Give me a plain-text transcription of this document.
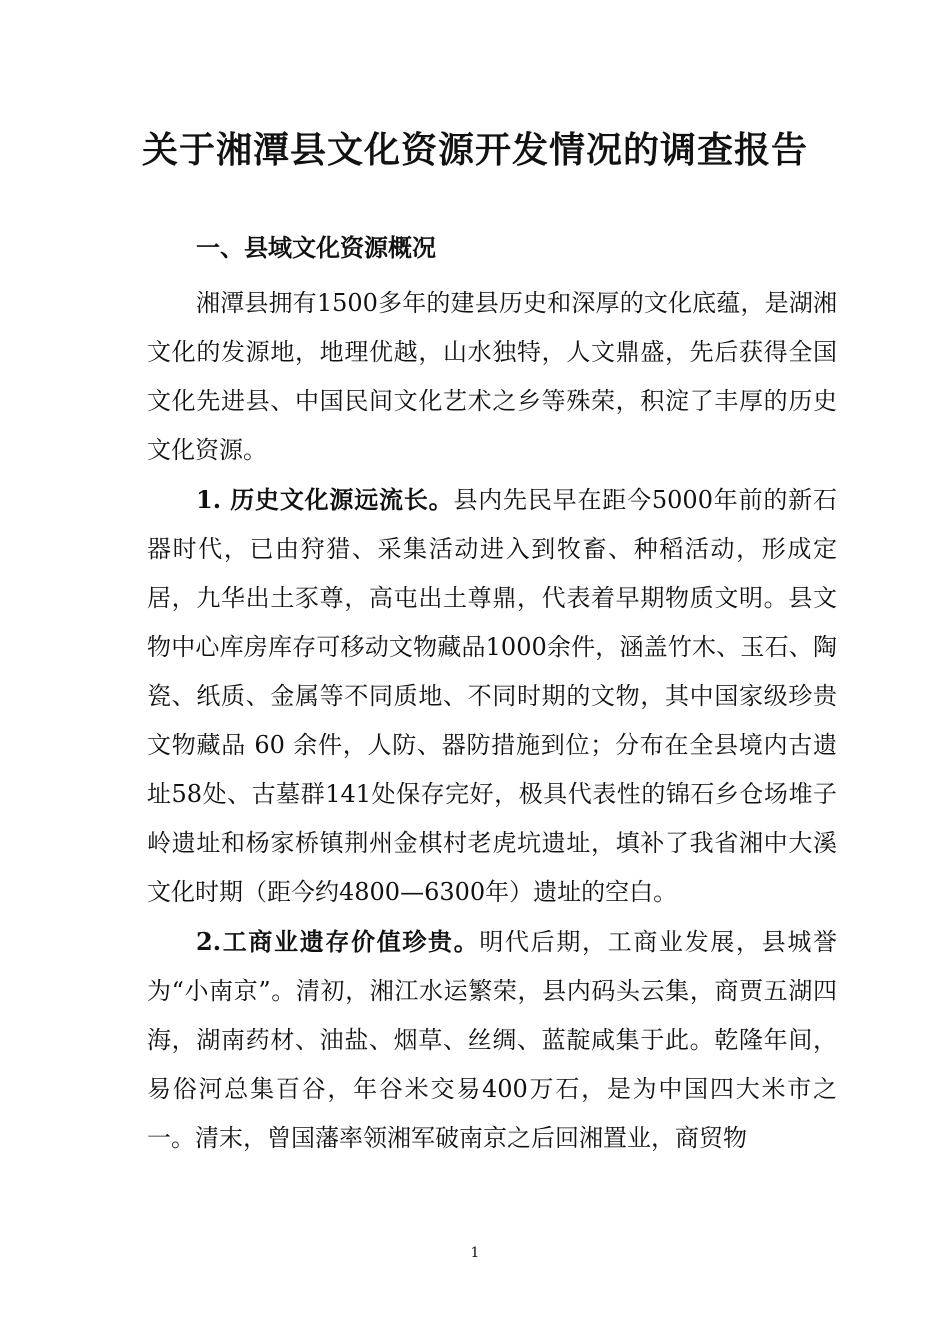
关于湘潭县文化资源开发情况的调查报告
一、县域文化资源概况

湘潭县拥有1500多年的建县历史和深厚的文化底蕴，是湖湘文化的发源地，地理优越，山水独特，人文鼎盛，先后获得全国文化先进县、中国民间文化艺术之乡等殊荣，积淀了丰厚的历史文化资源。

1. 历史文化源远流长。县内先民早在距今5000年前的新石器时代，已由狩猎、采集活动进入到牧畜、种稻活动，形成定居，九华出土豕尊，高屯出土尊鼎，代表着早期物质文明。县文物中心库房库存可移动文物藏品1000余件，涵盖竹木、玉石、陶瓷、纸质、金属等不同质地、不同时期的文物，其中国家级珍贵文物藏品 60 余件，人防、器防措施到位；分布在全县境内古遗址58处、古墓群141处保存完好，极具代表性的锦石乡仓场堆子岭遗址和杨家桥镇荆州金棋村老虎坑遗址，填补了我省湘中大溪文化时期（距今约4800—6300年）遗址的空白。

2.工商业遗存价值珍贵。明代后期，工商业发展，县城誉为“小南京”。清初，湘江水运繁荣，县内码头云集，商贾五湖四海，湖南药材、油盐、烟草、丝绸、蓝靛咸集于此。乾隆年间，易俗河总集百谷，年谷米交易400万石，是为中国四大米市之一。清末，曾国藩率领湘军破南京之后回湘置业，商贸物

1
